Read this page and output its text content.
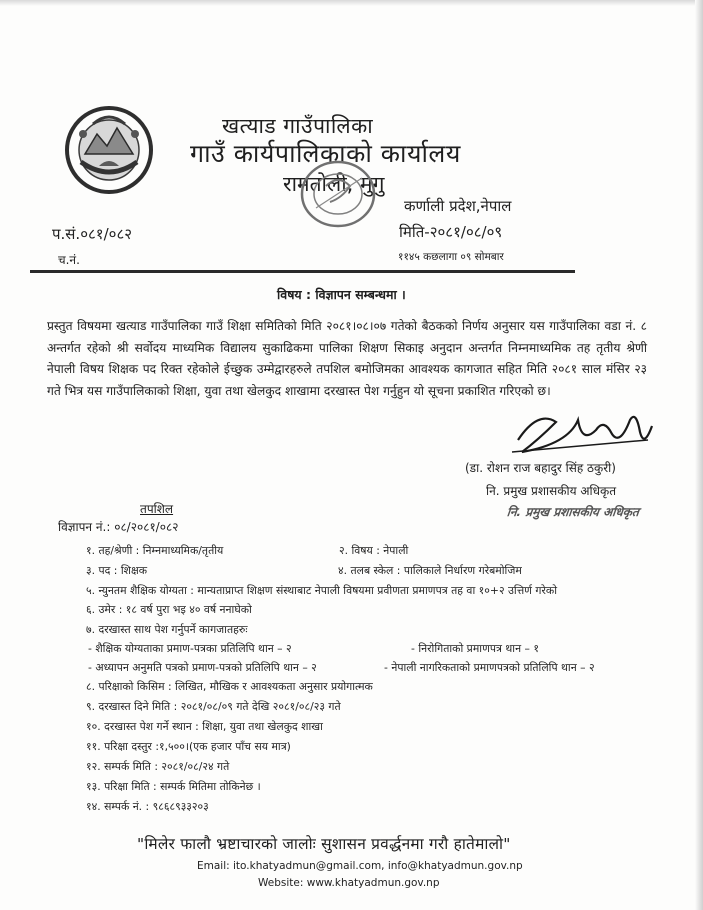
खत्याड गाउँपालिका
गाउँ कार्यपालिकाको कार्यालय
रामतोली, मुगु
कर्णाली प्रदेश,नेपाल
प.सं.०८१/०८२
च.नं.
मिति-२०८१/०८/०९
११४५ कछलागा ०९ सोमबार
विषय : विज्ञापन सम्बन्धमा ।
प्रस्तुत विषयमा खत्याड गाउँपालिका गाउँ शिक्षा समितिको मिति २०८१।०८।०७ गतेको बैठकको निर्णय अनुसार यस गाउँपालिका वडा नं. ८ अन्तर्गत रहेको श्री सर्वोदय माध्यमिक विद्यालय सुकाढिकमा पालिका शिक्षण सिकाइ अनुदान अन्तर्गत निम्नमाध्यमिक तह तृतीय श्रेणी नेपाली विषय शिक्षक पद रिक्त रहेकोले ईच्छुक उम्मेद्वारहरुले तपशिल बमोजिमका आवश्यक कागजात सहित मिति २०८१ साल मंसिर २३ गते भित्र यस गाउँपालिकाको शिक्षा, युवा तथा खेलकुद शाखामा दरखास्त पेश गर्नुहुन यो सूचना प्रकाशित गरिएको छ।
(डा. रोशन राज बहादुर सिंह ठकुरी)
नि. प्रमुख प्रशासकीय अधिकृत
नि. प्रमुख प्रशासकीय अधिकृत
तपशिल
विज्ञापन नं.: ०८/२०८१/०८२
१. तह/श्रेणी : निम्नमाध्यमिक/तृतीय	२. विषय : नेपाली
३. पद : शिक्षक	४. तलब स्केल : पालिकाले निर्धारण गरेबमोजिम
५. न्युनतम शैक्षिक योग्यता : मान्यताप्राप्त शिक्षण संस्थाबाट नेपाली विषयमा प्रवीणता प्रमाणपत्र तह वा १०+२ उत्तिर्ण गरेको
६. उमेर : १८ वर्ष पुरा भइ ४० वर्ष ननाघेको
७. दरखास्त साथ पेश गर्नुपर्ने कागजातहरुः
- शैक्षिक योग्यताका प्रमाण-पत्रका प्रतिलिपि थान – २	- निरोगिताको प्रमाणपत्र थान – १
- अध्यापन अनुमति पत्रको प्रमाण-पत्रको प्रतिलिपि थान – २	- नेपाली नागरिकताको प्रमाणपत्रको प्रतिलिपि थान – २
८. परिक्षाको किसिम : लिखित, मौखिक र आवश्यकता अनुसार प्रयोगात्मक
९. दरखास्त दिने मिति : २०८१/०८/०९ गते देखि २०८१/०८/२३ गते
१०. दरखास्त पेश गर्ने स्थान : शिक्षा, युवा तथा खेलकुद शाखा
११. परिक्षा दस्तुर :१,५००।(एक हजार पाँच सय मात्र)
१२. सम्पर्क मिति : २०८१/०८/२४ गते
१३. परिक्षा मिति : सम्पर्क मितिमा तोकिनेछ ।
१४. सम्पर्क नं. : ९८६८९३३२०३
"मिलेर फालौ भ्रष्टाचारको जालोः सुशासन प्रवर्द्धनमा गरौ हातेमालो"
Email: ito.khatyadmun@gmail.com, info@khatyadmun.gov.np
Website: www.khatyadmun.gov.np
